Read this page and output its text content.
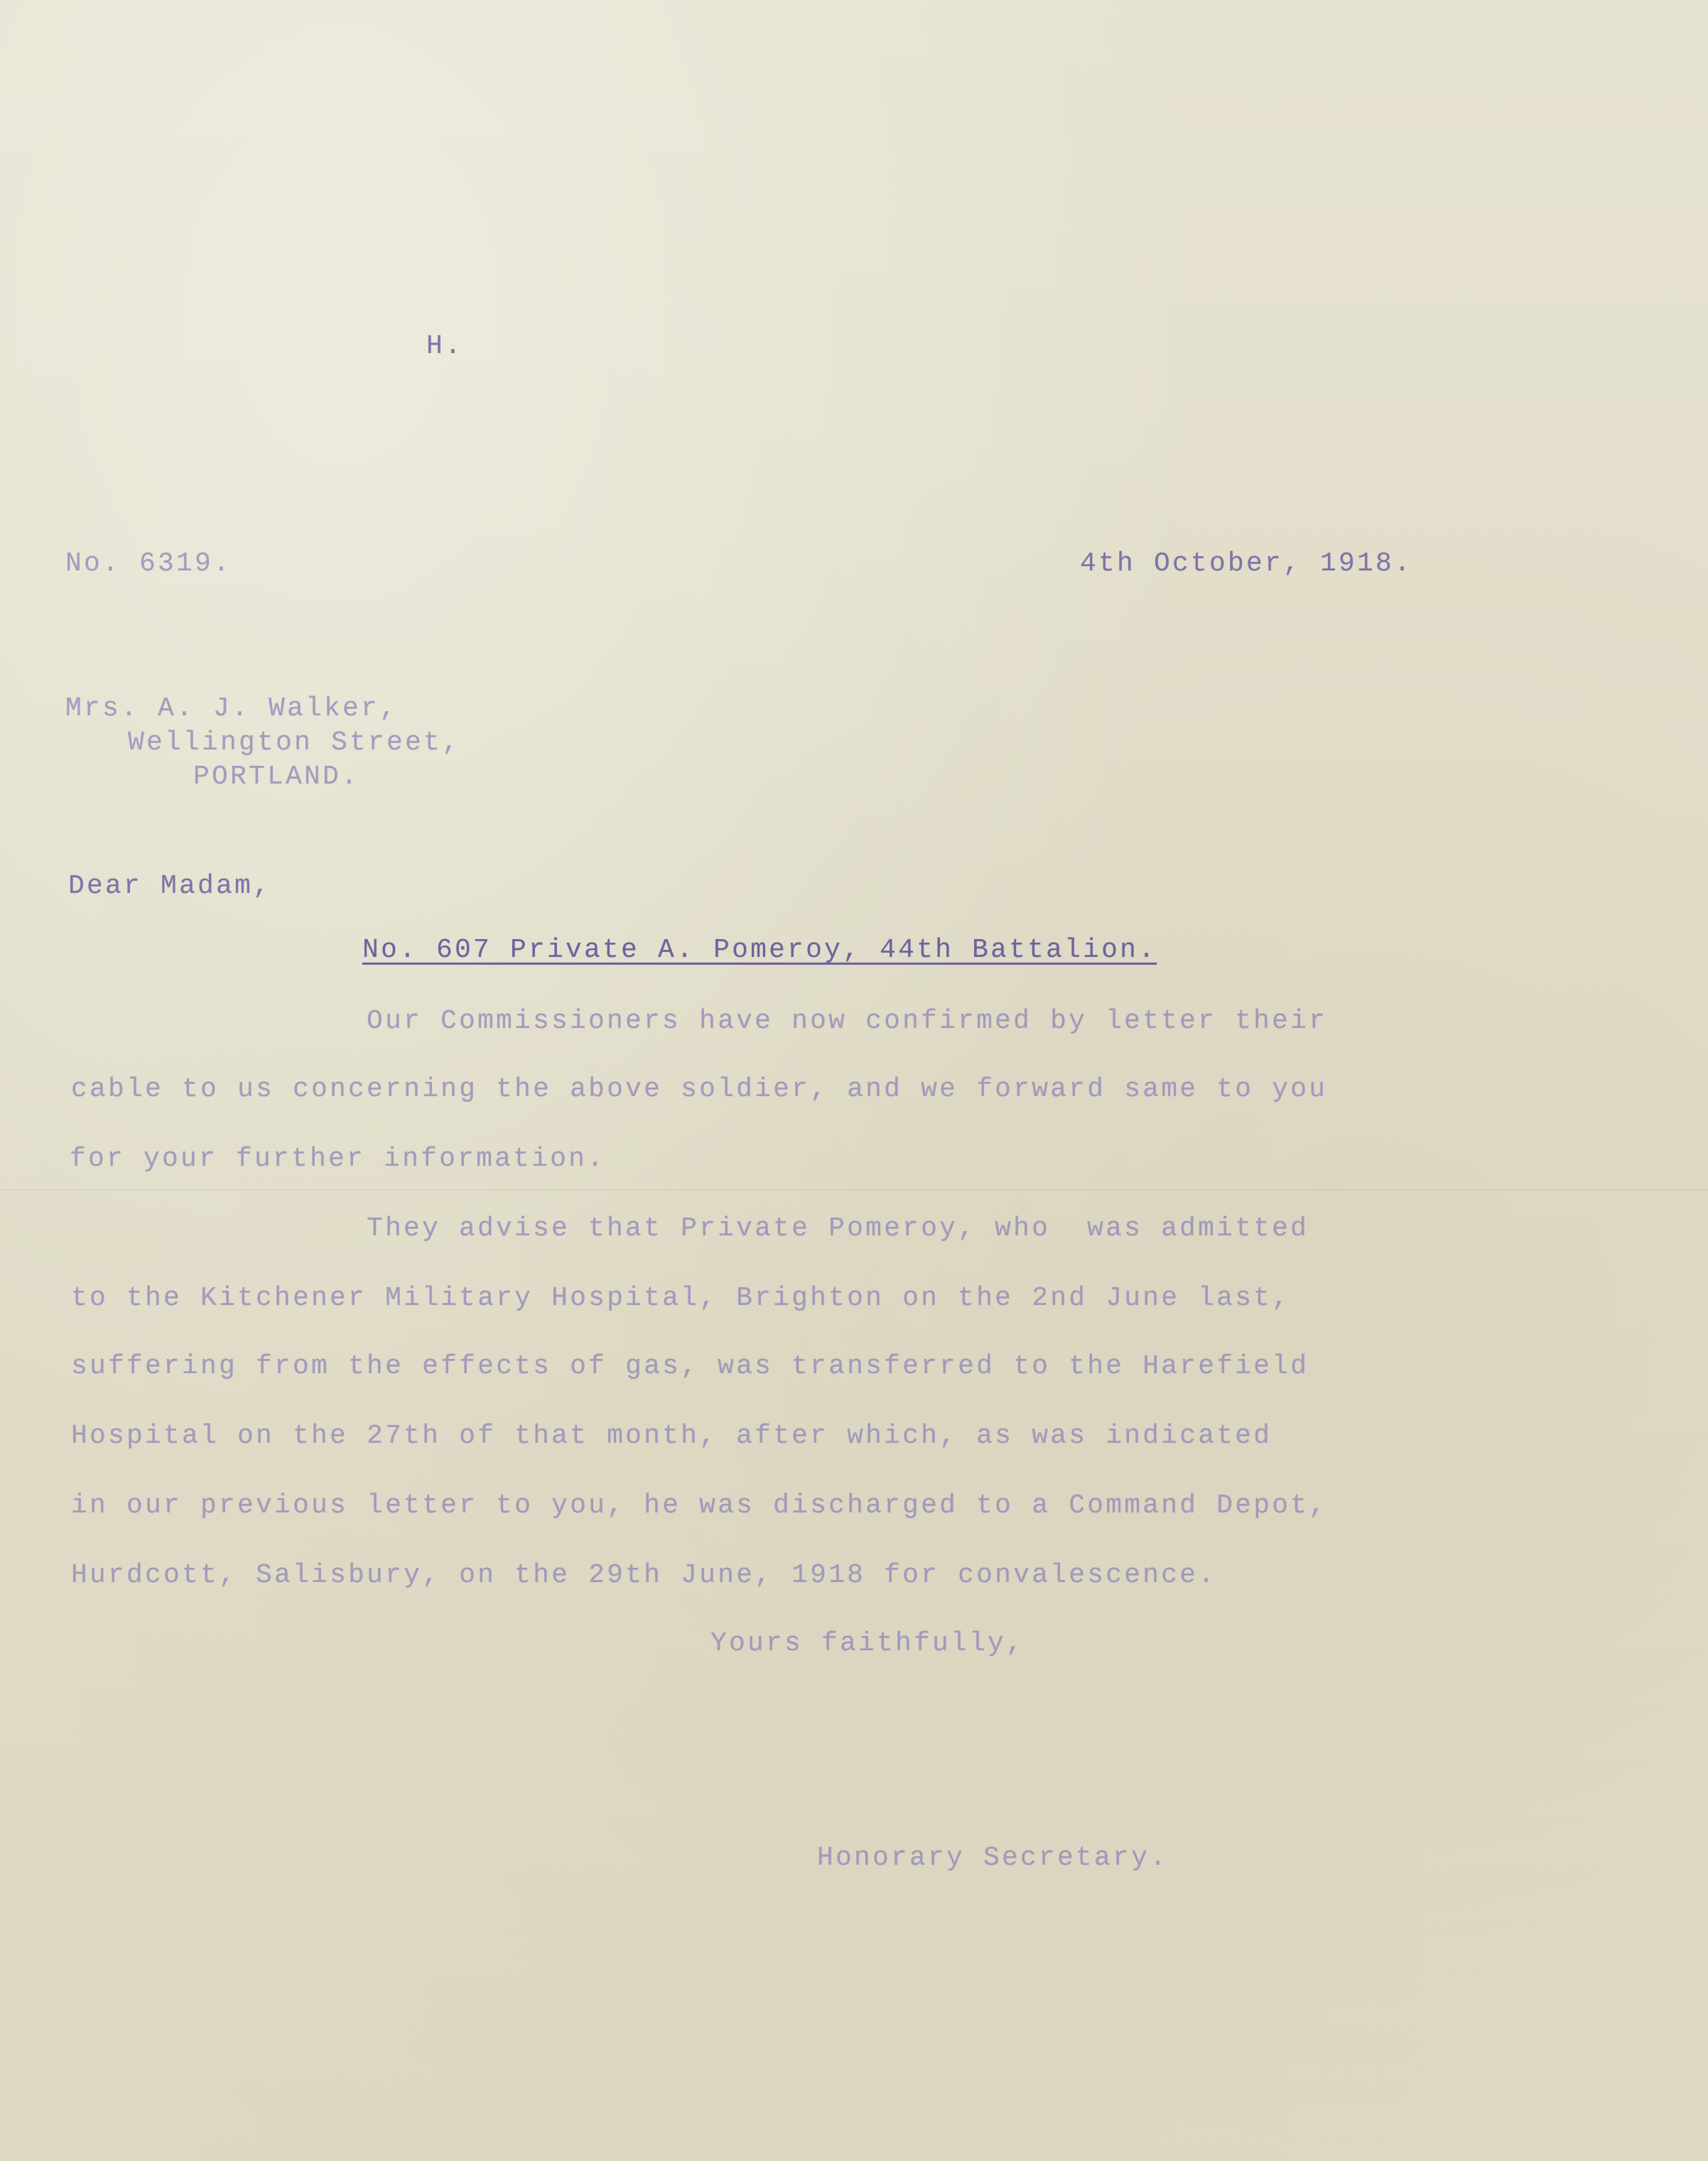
H.
No. 6319.	4th October, 1918.
Mrs. A. J. Walker,
Wellington Street,
PORTLAND.
Dear Madam,
No. 607 Private A. Pomeroy, 44th Battalion.
Our Commissioners have now confirmed by letter their
cable to us concerning the above soldier, and we forward same to you
for your further information.
They advise that Private Pomeroy, who  was admitted
to the Kitchener Military Hospital, Brighton on the 2nd June last,
suffering from the effects of gas, was transferred to the Harefield
Hospital on the 27th of that month, after which, as was indicated
in our previous letter to you, he was discharged to a Command Depot,
Hurdcott, Salisbury, on the 29th June, 1918 for convalescence.
Yours faithfully,
Honorary Secretary.
